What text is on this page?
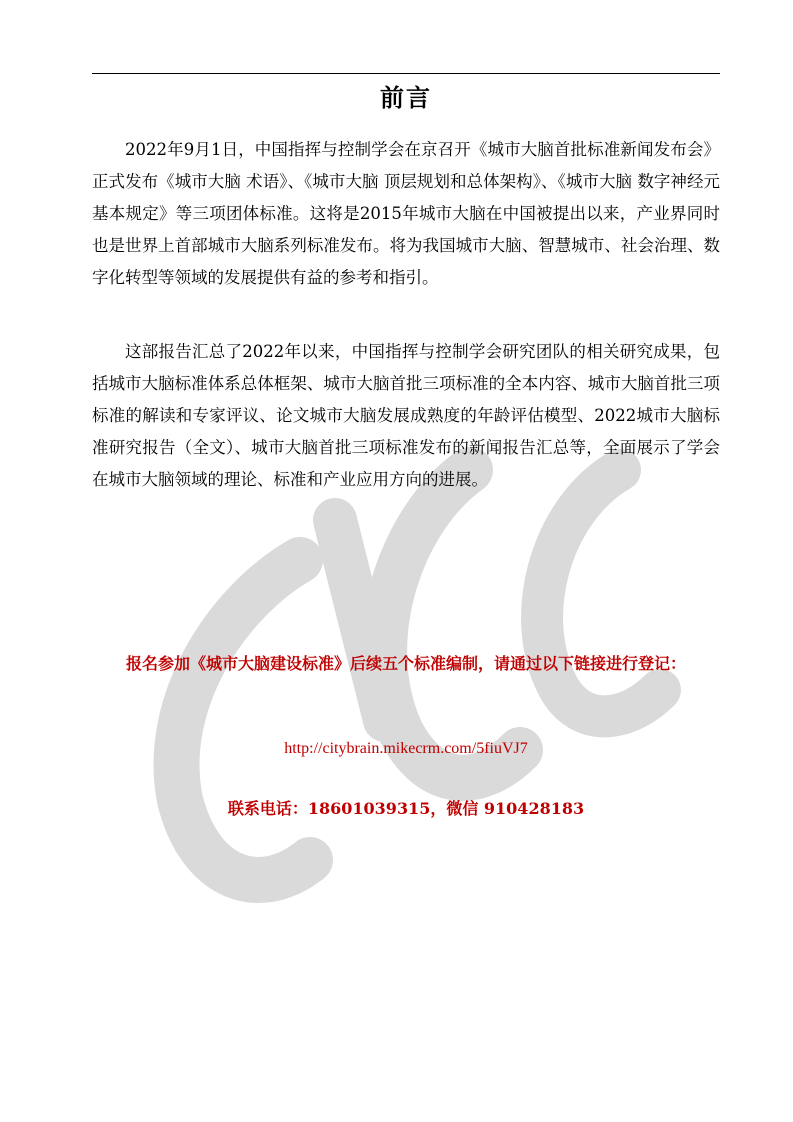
前言

2022年9月1日，中国指挥与控制学会在京召开《城市大脑首批标准新闻发布会》正式发布《城市大脑 术语》、《城市大脑 顶层规划和总体架构》、《城市大脑 数字神经元基本规定》等三项团体标准。这将是2015年城市大脑在中国被提出以来，产业界同时也是世界上首部城市大脑系列标准发布。将为我国城市大脑、智慧城市、社会治理、数字化转型等领域的发展提供有益的参考和指引。

这部报告汇总了2022年以来，中国指挥与控制学会研究团队的相关研究成果，包括城市大脑标准体系总体框架、城市大脑首批三项标准的全本内容、城市大脑首批三项标准的解读和专家评议、论文城市大脑发展成熟度的年龄评估模型、2022城市大脑标准研究报告（全文）、城市大脑首批三项标准发布的新闻报告汇总等，全面展示了学会在城市大脑领域的理论、标准和产业应用方向的进展。

报名参加《城市大脑建设标准》后续五个标准编制，请通过以下链接进行登记：
http://citybrain.mikecrm.com/5fiuVJ7
联系电话：18601039315，微信 910428183
